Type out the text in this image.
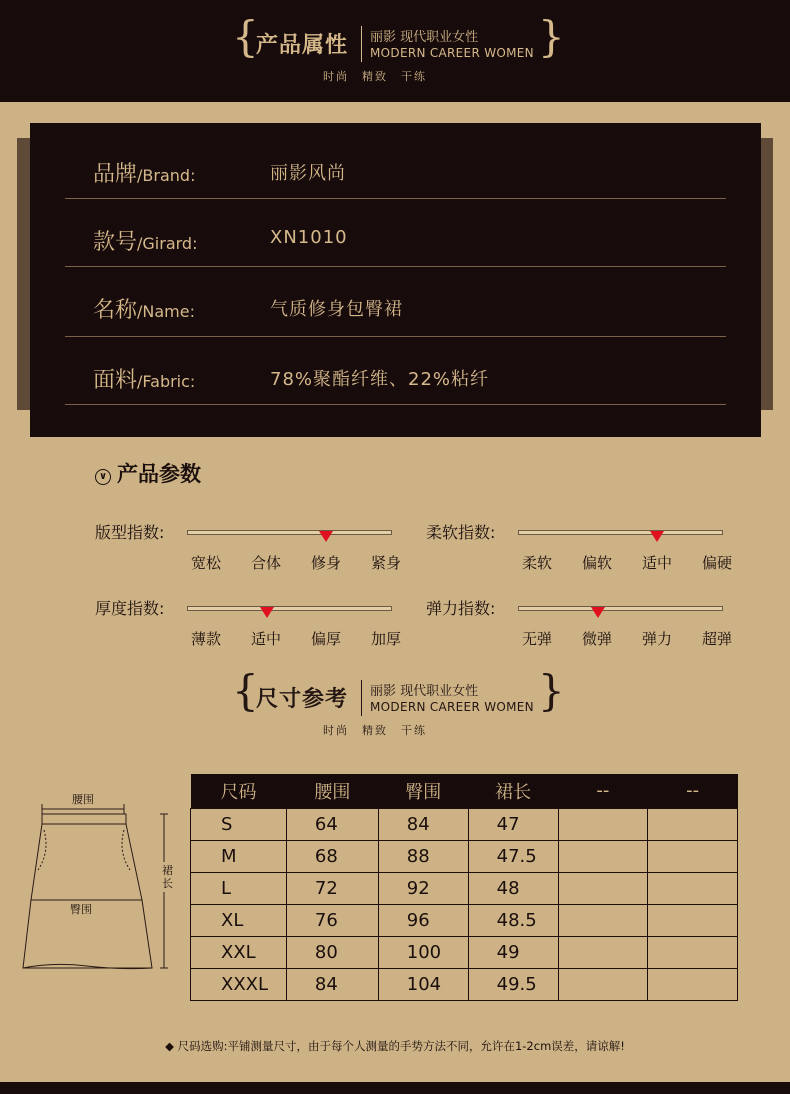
{
产品属性 丽影 现代职业女性
MODERN CAREER WOMEN }
时尚　精致　干练
品牌/Brand:	丽影风尚
款号/Girard:	XN1010
名称/Name:	气质修身包臀裙
面料/Fabric:	78%聚酯纤维、22%粘纤
∨ 产品参数
版型指数:
宽松 合体 修身 紧身
柔软指数:
柔软 偏软 适中 偏硬
厚度指数:
薄款 适中 偏厚 加厚
弹力指数:
无弹 微弹 弹力 超弹
{
尺寸参考 丽影 现代职业女性
MODERN CAREER WOMEN }
时尚　精致　干练
腰围
臀围
裙
长
尺码	腰围	臀围	裙长	--	--
S	64	84	47		
M	68	88	47.5		
L	72	92	48		
XL	76	96	48.5		
XXL	80	100	49		
XXXL	84	104	49.5		
◆ 尺码选购:平铺测量尺寸，由于每个人测量的手势方法不同，允许在1-2cm误差，请谅解!
